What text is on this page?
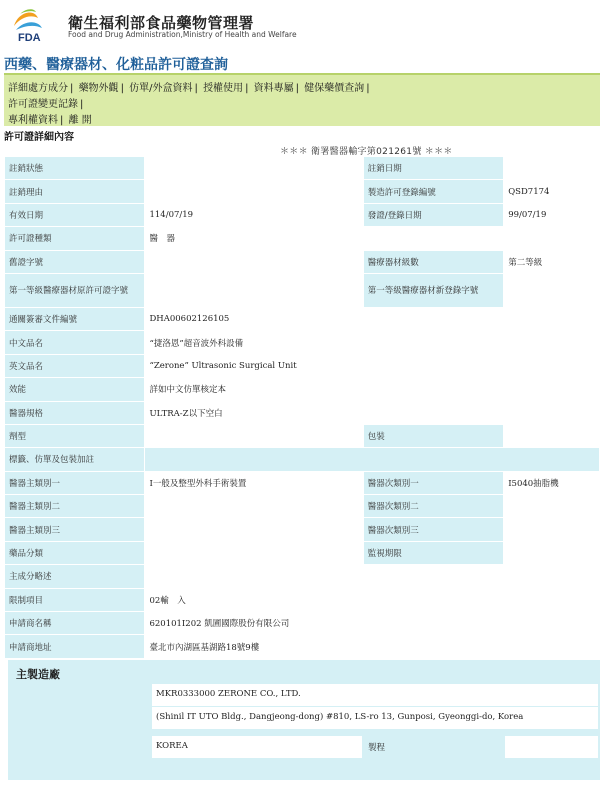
FDA
衛生福利部食品藥物管理署
Food and Drug Administration,Ministry of Health and Welfare
西藥、醫療器材、化粧品許可證查詢
詳細處方成分 | 藥物外觀 | 仿單/外盒資料 | 授權使用 | 資料專屬 | 健保藥價查詢 |
許可證變更記錄 |
專利權資料 | 離 開
許可證詳細內容
＊＊＊ 衛署醫器輸字第021261號 ＊＊＊
註銷狀態		註銷日期	
註銷理由		製造許可登錄編號	QSD7174
有效日期	114/07/19	發證/登錄日期	99/07/19
許可證種類	醫　器		
舊證字號		醫療器材級數	第二等級
第一等級醫療器材原許可證字號		第一等級醫療器材新登錄字號	
通關簽審文件編號	DHA00602126105		
中文品名	“捷洛恩”超音波外科設備		
英文品名	“Zerone” Ultrasonic Surgical Unit		
效能	詳如中文仿單核定本		
醫器規格	ULTRA-Z以下空白		
劑型		包裝	
標籤、仿單及包裝加註			
醫器主類別一	I一般及整型外科手術裝置	醫器次類別一	I5040抽脂機
醫器主類別二		醫器次類別二	
醫器主類別三		醫器次類別三	
藥品分類		監視期限	
主成分略述			
限制項目	02輸　入		
申請商名稱	620101I202 凱圃國際股份有限公司		
申請商地址	臺北市內湖區基湖路18號9樓		
主製造廠
MKR0333000 ZERONE CO., LTD.
(Shinil IT UTO Bldg., Dangjeong-dong) #810, LS-ro 13, Gunposi, Gyeonggi-do, Korea
KOREA	製程
